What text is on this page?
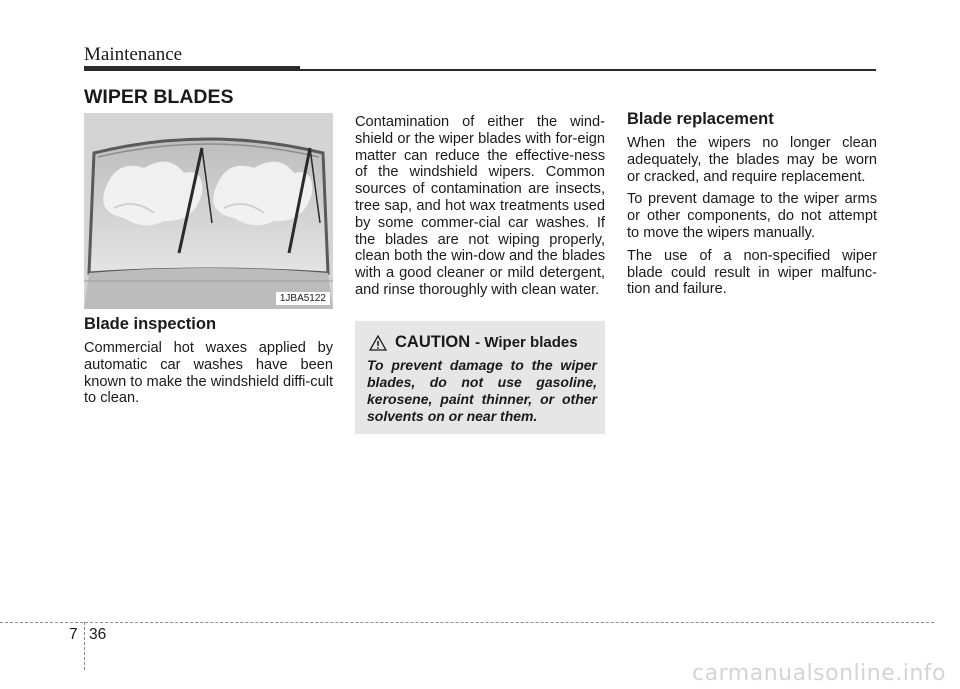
Maintenance
WIPER BLADES
1JBA5122
Blade inspection

Commercial hot waxes applied by automatic car washes have been known to make the windshield diffi-cult to clean.

Contamination of either the wind-shield or the wiper blades with for-eign matter can reduce the effective-ness of the windshield wipers. Common sources of contamination are insects, tree sap, and hot wax treatments used by some commer-cial car washes. If the blades are not wiping properly, clean both the win-dow and the blades with a good cleaner or mild detergent, and rinse thoroughly with clean water.

CAUTION - Wiper blades
To prevent damage to the wiper blades, do not use gasoline, kerosene, paint thinner, or other solvents on or near them.
Blade replacement

When the wipers no longer clean adequately, the blades may be worn or cracked, and require replacement.

To prevent damage to the wiper arms or other components, do not attempt to move the wipers manually.

The use of a non-specified wiper blade could result in wiper malfunc-tion and failure.

7 36
carmanualsonline.info
